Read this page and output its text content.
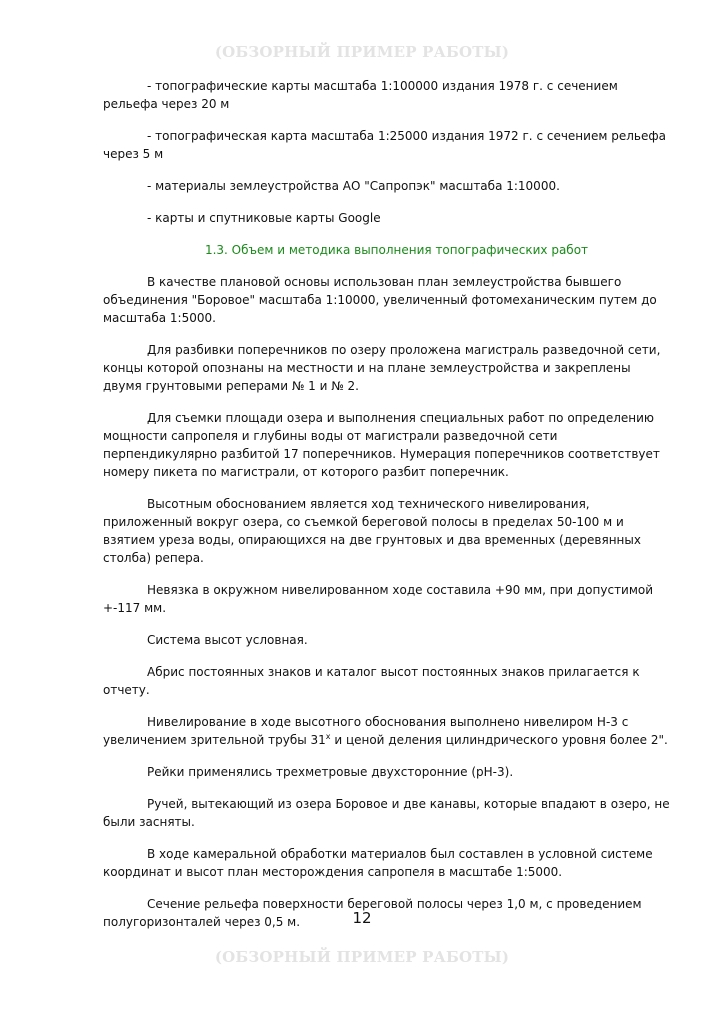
(ОБЗОРНЫЙ ПРИМЕР РАБОТЫ)

- топографические карты масштаба 1:100000 издания 1978 г. с сечением рельефа через 20 м

- топографическая карта масштаба 1:25000 издания 1972 г. с сечением рельефа через 5 м

- материалы землеустройства АО "Сапропэк" масштаба 1:10000.

- карты и спутниковые карты Google

1.3. Объем и методика выполнения топографических работ

В качестве плановой основы использован план землеустройства бывшего объединения "Боровое" масштаба 1:10000, увеличенный фотомеханическим путем до масштаба 1:5000.

Для разбивки поперечников по озеру проложена магистраль разведочной сети, концы которой опознаны на местности и на плане землеустройства и закреплены двумя грунтовыми реперами № 1 и № 2.

Для съемки площади озера и выполнения специальных работ по определению мощности сапропеля и глубины воды от магистрали разведочной сети перпендикулярно разбитой 17 поперечников. Нумерация поперечников соответствует номеру пикета по магистрали, от которого разбит поперечник.

Высотным обоснованием является ход технического нивелирования, приложенный вокруг озера, со съемкой береговой полосы в пределах 50-100 м и взятием уреза воды, опирающихся на две грунтовых и два временных (деревянных столба) репера.

Невязка в окружном нивелированном ходе составила +90 мм, при допустимой +-117 мм.

Система высот условная.

Абрис постоянных знаков и каталог высот постоянных знаков прилагается к отчету.

Нивелирование в ходе высотного обоснования выполнено нивелиром Н-3 с увеличением зрительной трубы 31$^x$ и ценой деления цилиндрического уровня более 2".

Рейки применялись трехметровые двухсторонние (рН-3).

Ручей, вытекающий из озера Боровое и две канавы, которые впадают в озеро, не были засняты.

В ходе камеральной обработки материалов был составлен в условной системе координат и высот план месторождения сапропеля в масштабе 1:5000.

Сечение рельефа поверхности береговой полосы через 1,0 м, с проведением полугоризонталей через 0,5 м.	12
(ОБЗОРНЫЙ ПРИМЕР РАБОТЫ)
